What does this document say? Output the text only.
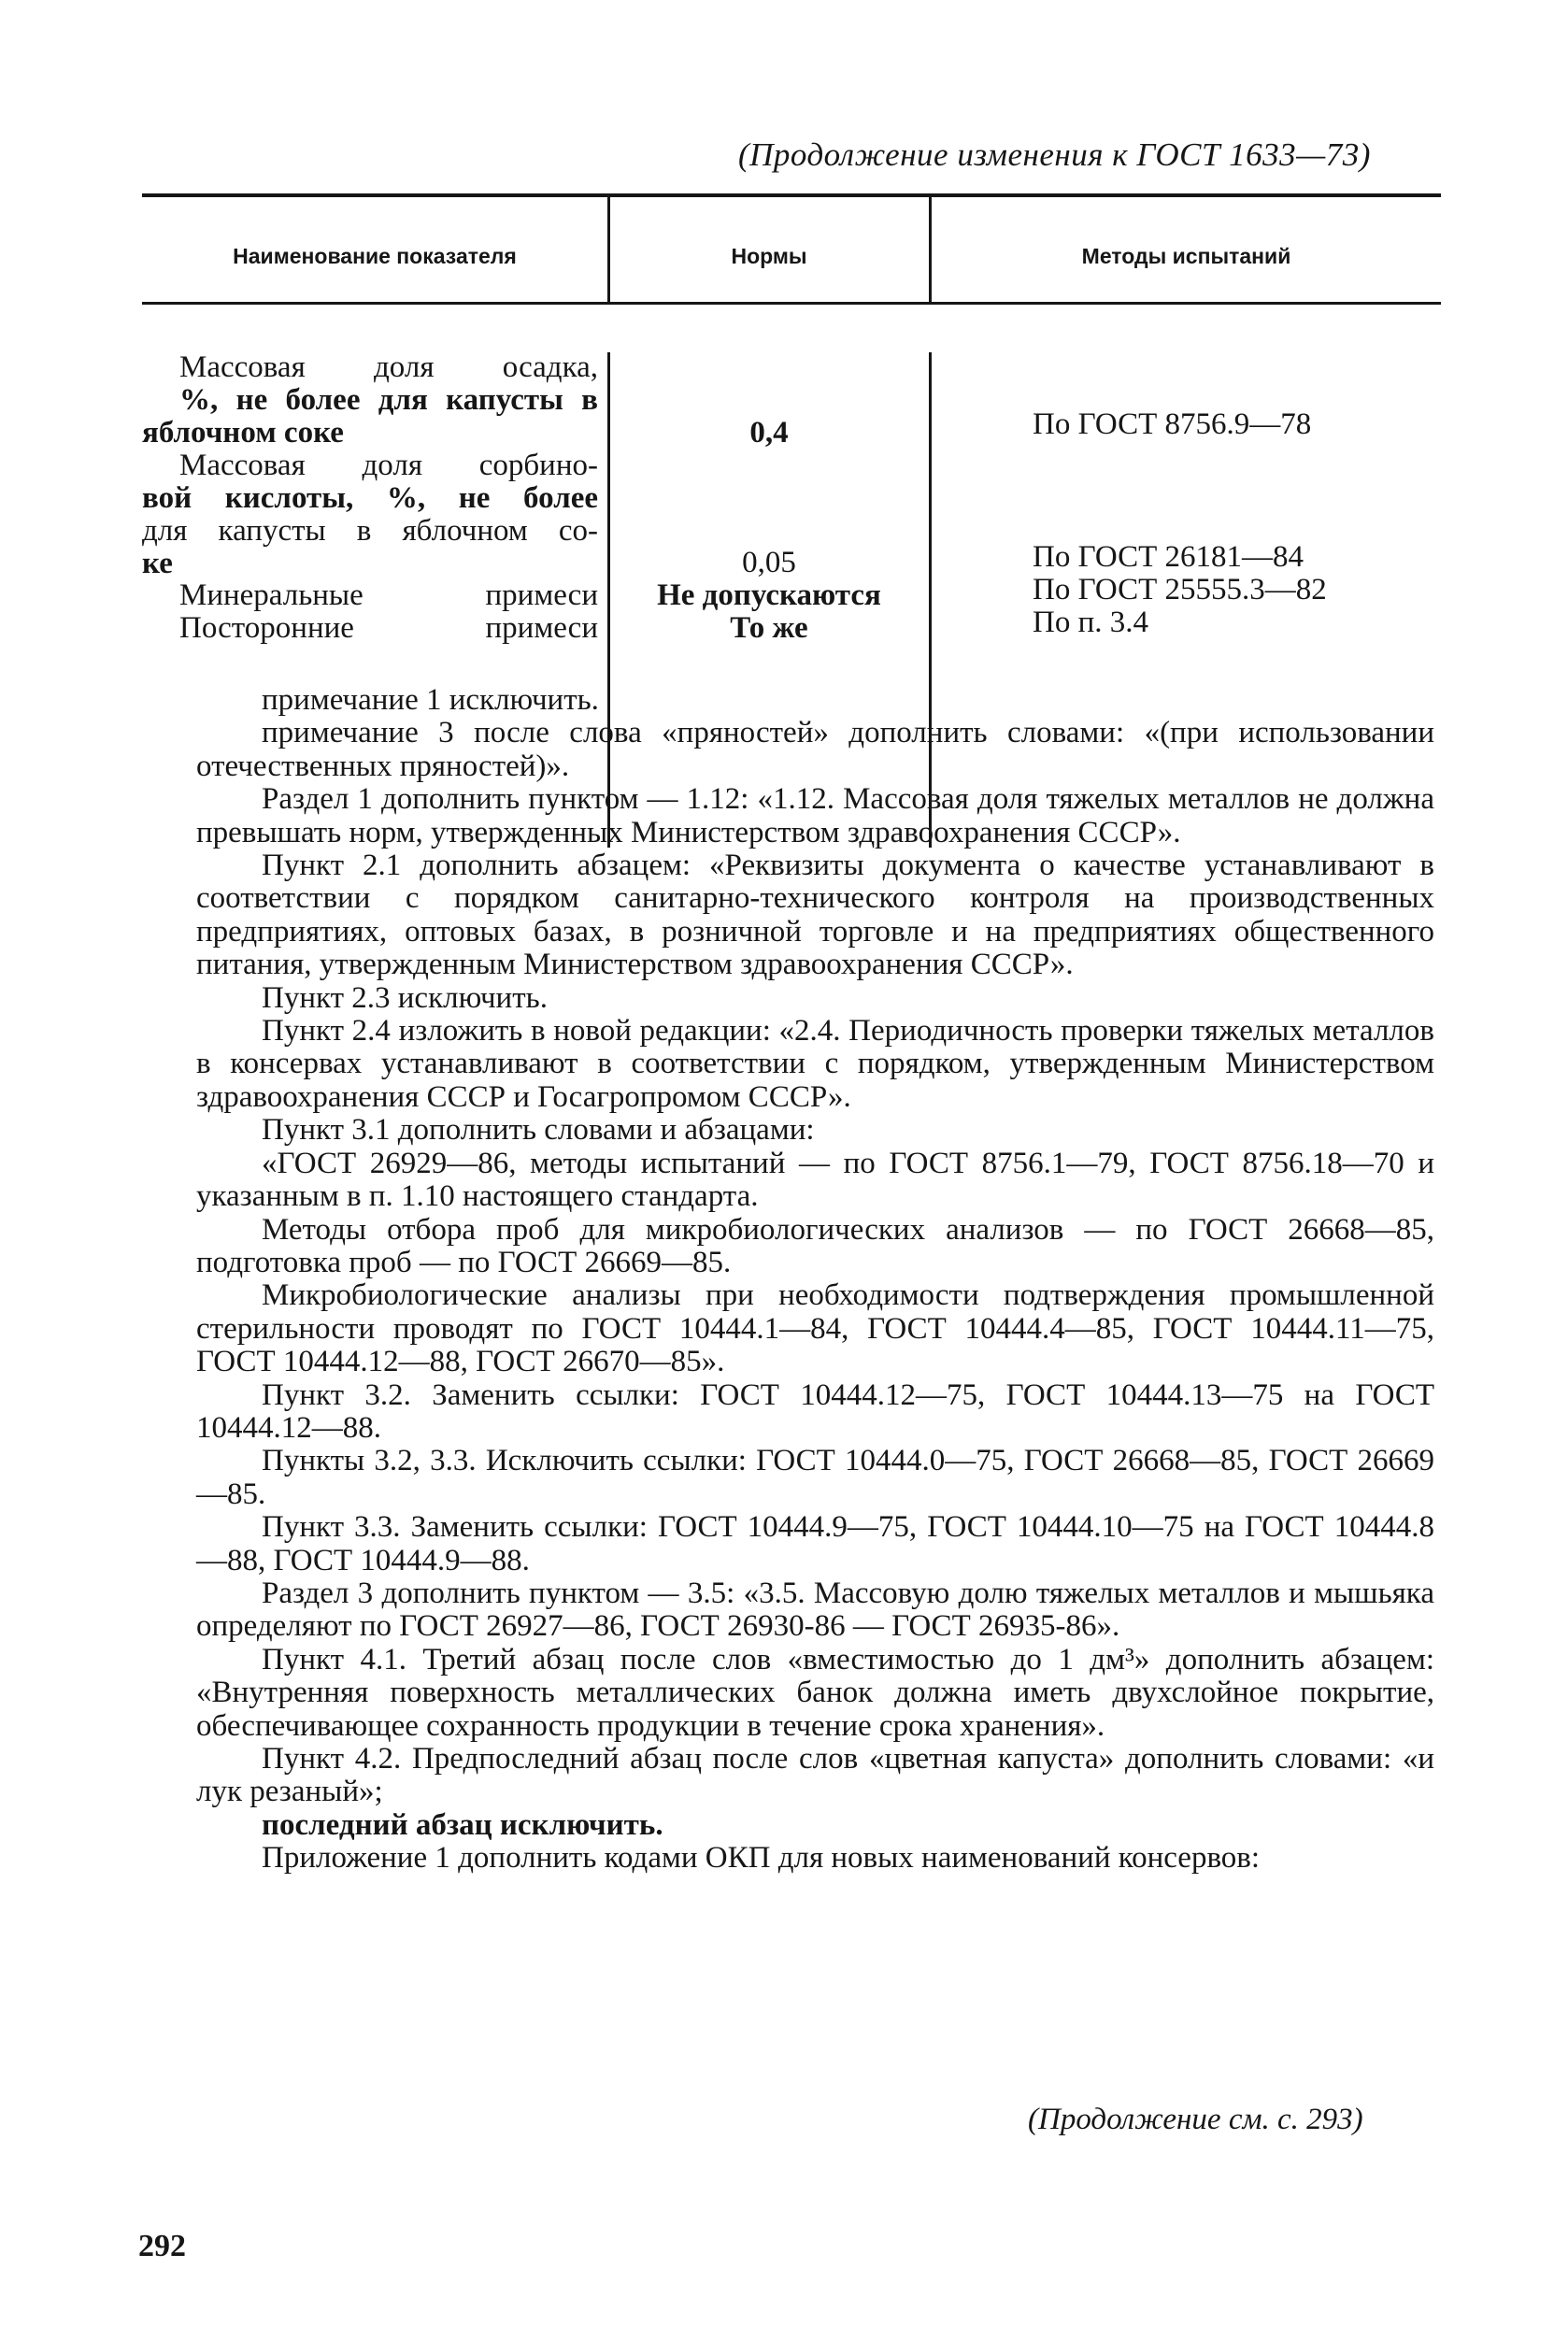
(Продолжение изменения к ГОСТ 1633—73)
Наименование показателя	Нормы	Методы испытаний
Массовая доля осадка,
%, не более для капусты в
яблочном соке	0,4	По ГОСТ 8756.9—78
Массовая доля сорбино-
вой кислоты, %, не более
для капусты в яблочном со-
ке	0,05	По ГОСТ 26181—84
Минеральные примеси	Не допускаются	По ГОСТ 25555.3—82
Посторонние примеси	То же	По п. 3.4

примечание 1 исключить.

примечание 3 после слова «пряностей» дополнить словами: «(при использовании отечественных пряностей)».

Раздел 1 дополнить пунктом — 1.12: «1.12. Массовая доля тяжелых металлов не должна превышать норм, утвержденных Министерством здравоохранения СССР».

Пункт 2.1 дополнить абзацем: «Реквизиты документа о качестве устанавливают в соответствии с порядком санитарно-технического контроля на производственных предприятиях, оптовых базах, в розничной торговле и на предприятиях общественного питания, утвержденным Министерством здравоохранения СССР».

Пункт 2.3 исключить.

Пункт 2.4 изложить в новой редакции: «2.4. Периодичность проверки тяжелых металлов в консервах устанавливают в соответствии с порядком, утвержденным Министерством здравоохранения СССР и Госагропромом СССР».

Пункт 3.1 дополнить словами и абзацами:

«ГОСТ 26929—86, методы испытаний — по ГОСТ 8756.1—79, ГОСТ 8756.18—70 и указанным в п. 1.10 настоящего стандарта.

Методы отбора проб для микробиологических анализов — по ГОСТ 26668—85, подготовка проб — по ГОСТ 26669—85.

Микробиологические анализы при необходимости подтверждения промышленной стерильности проводят по ГОСТ 10444.1—84, ГОСТ 10444.4—85, ГОСТ 10444.11—75, ГОСТ 10444.12—88, ГОСТ 26670—85».

Пункт 3.2. Заменить ссылки: ГОСТ 10444.12—75, ГОСТ 10444.13—75 на ГОСТ 10444.12—88.

Пункты 3.2, 3.3. Исключить ссылки: ГОСТ 10444.0—75, ГОСТ 26668—85, ГОСТ 26669—85.

Пункт 3.3. Заменить ссылки: ГОСТ 10444.9—75, ГОСТ 10444.10—75 на ГОСТ 10444.8—88, ГОСТ 10444.9—88.

Раздел 3 дополнить пунктом — 3.5: «3.5. Массовую долю тяжелых металлов и мышьяка определяют по ГОСТ 26927—86, ГОСТ 26930-86 — ГОСТ 26935-86».

Пункт 4.1. Третий абзац после слов «вместимостью до 1 дм³» дополнить абзацем: «Внутренняя поверхность металлических банок должна иметь двухслойное покрытие, обеспечивающее сохранность продукции в течение срока хранения».

Пункт 4.2. Предпоследний абзац после слов «цветная капуста» дополнить словами: «и лук резаный»;

последний абзац исключить.

Приложение 1 дополнить кодами ОКП для новых наименований консервов:

(Продолжение см. с. 293)
292
